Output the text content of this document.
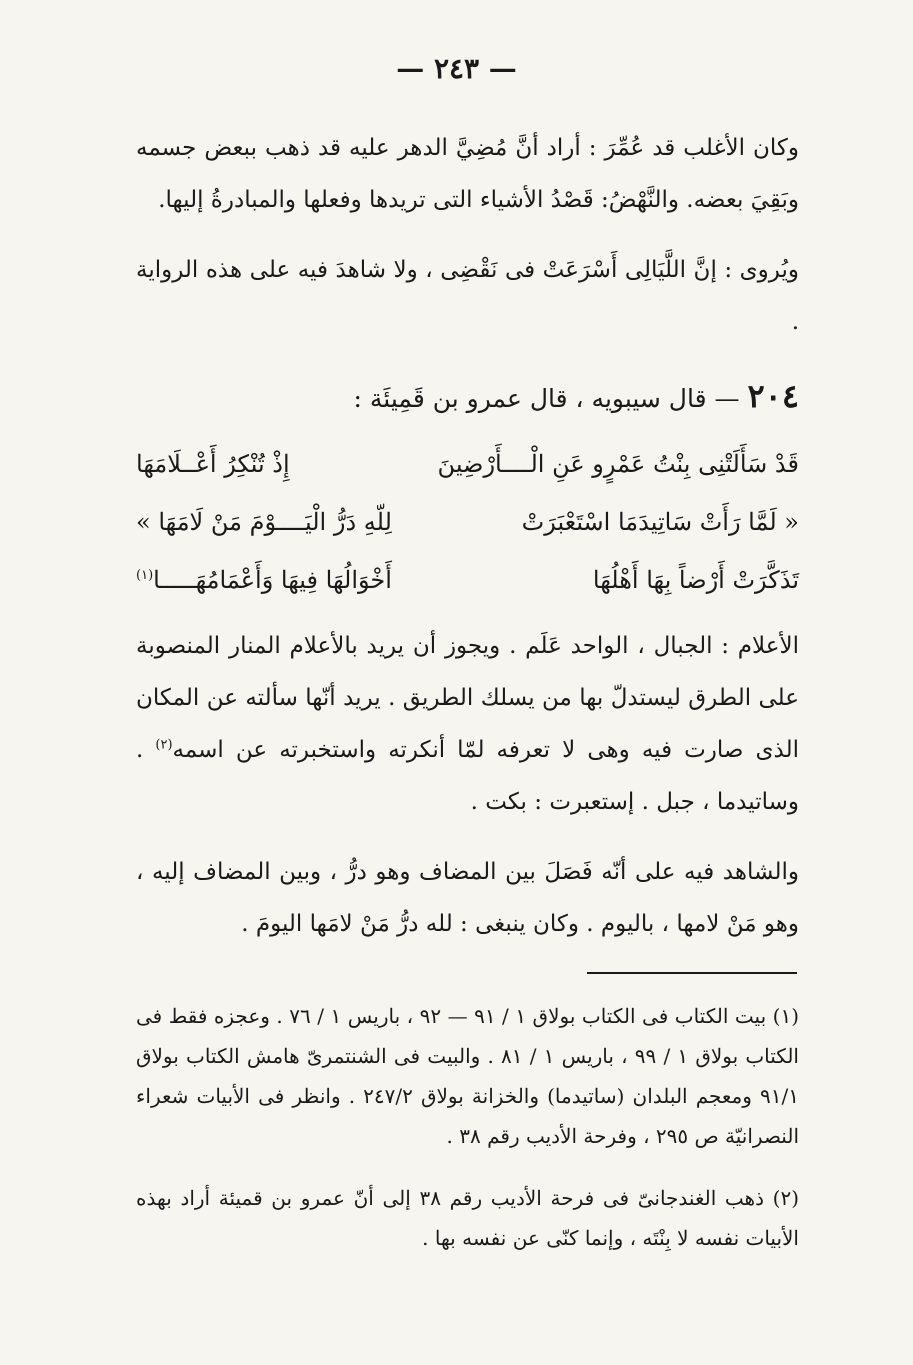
— ٢٤٣ —
وكان الأغلب قد عُمِّرَ : أراد أنَّ مُضِيَّ الدهر عليه قد ذهب ببعض جسمه وبَقِيَ بعضه. والنَّهْضُ: قَصْدُ الأشياء التى تريدها وفعلها والمبادرةُ إليها.
ويُروى : إنَّ اللَّيَالِى أَسْرَعَتْ فى نَقْضِى ، ولا شاهدَ فيه على هذه الرواية .
٢٠٤ — قال سيبويه ، قال عمرو بن قَمِيئَة :
قَدْ سَأَلَتْنِى بِنْتُ عَمْرٍو عَنِ الْــــأَرْضِينَ
إِذْ تُنْكِرُ أَعْــلَامَهَا
« لَمَّا رَأَتْ سَاتِيدَمَا اسْتَعْبَرَتْ
لِلّهِ دَرُّ الْيَــــوْمَ مَنْ لَامَهَا »
تَذَكَّرَتْ أَرْضاً بِهَا أَهْلُهَا
أَخْوَالُهَا فِيهَا وَأَعْمَامُهَـــــا$^{(١)}$
الأعلام : الجبال ، الواحد عَلَم . ويجوز أن يريد بالأعلام المنار المنصوبة على الطرق ليستدلّ بها من يسلك الطريق . يريد أنّها سألته عن المكان الذى صارت فيه وهى لا تعرفه لمّا أنكرته واستخبرته عن اسمه$^{(٢)}$ . وساتيدما ، جبل . إستعبرت : بكت .
والشاهد فيه على أنّه فَصَلَ بين المضاف وهو درُّ ، وبين المضاف إليه ، وهو مَنْ لامها ، باليوم . وكان ينبغى : لله درُّ مَنْ لامَها اليومَ .
(١) بيت الكتاب فى الكتاب بولاق ١ / ٩١ — ٩٢ ، باريس ١ / ٧٦ . وعجزه فقط فى الكتاب بولاق ١ / ٩٩ ، باريس ١ / ٨١ . والبيت فى الشنتمرىّ هامش الكتاب بولاق ٩١/١ ومعجم البلدان (ساتيدما) والخزانة بولاق ٢٤٧/٢ . وانظر فى الأبيات شعراء النصرانيّة ص ٢٩٥ ، وفرحة الأديب رقم ٣٨ .
(٢) ذهب الغندجانىّ فى فرحة الأديب رقم ٣٨ إلى أنّ عمرو بن قميئة أراد بهذه الأبيات نفسه لا بِنْتَه ، وإنما كنّى عن نفسه بها .
